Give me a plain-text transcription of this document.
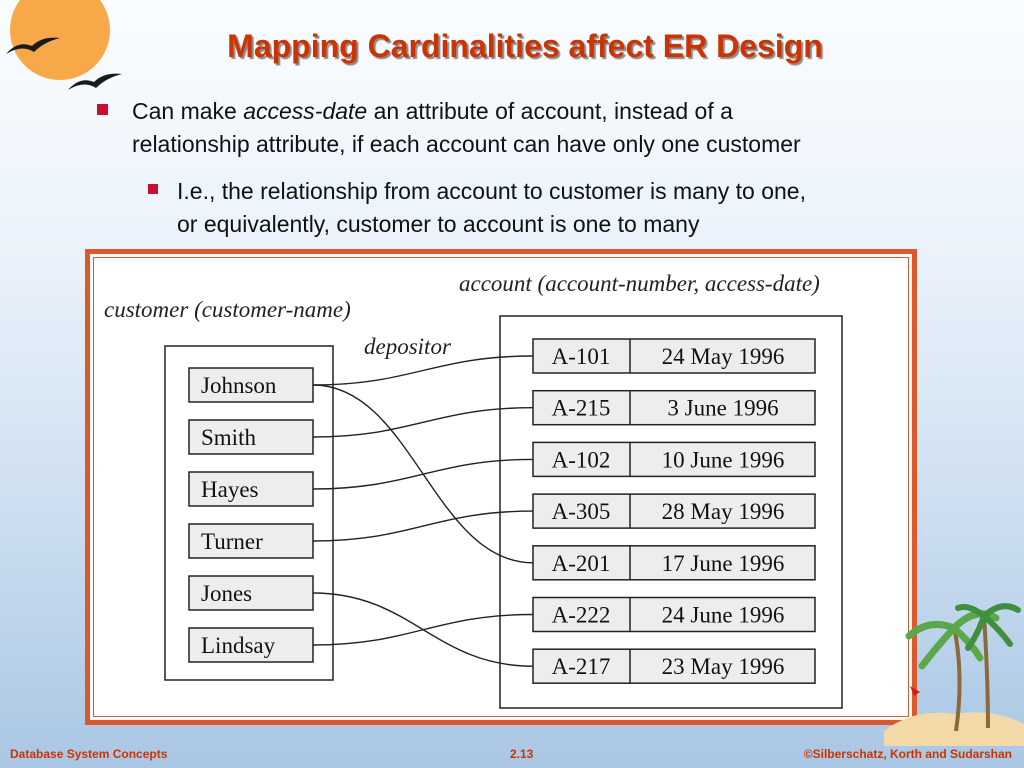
Mapping Cardinalities affect ER Design
Can make access-date an attribute of account, instead of a
relationship attribute, if each account can have only one customer
I.e., the relationship from account to customer is many to one,
or equivalently, customer to account is one to many
account (account-number, access-date)
customer (customer-name)
depositor
Johnson
Smith
Hayes
Turner
Jones
Lindsay
A-101 24 May 1996
A-215 3 June 1996
A-102 10 June 1996
A-305 28 May 1996
A-201 17 June 1996
A-222 24 June 1996
A-217 23 May 1996
Database System Concepts	2.13	©Silberschatz, Korth and Sudarshan
